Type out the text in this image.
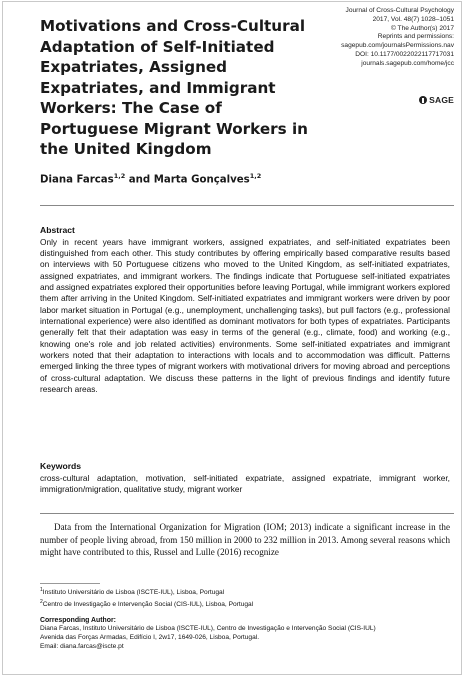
Motivations and Cross-Cultural Adaptation of Self-Initiated Expatriates, Assigned Expatriates, and Immigrant Workers: The Case of Portuguese Migrant Workers in the United Kingdom
Journal of Cross-Cultural Psychology
2017, Vol. 48(7) 1028–1051
© The Author(s) 2017
Reprints and permissions:
sagepub.com/journalsPermissions.nav
DOI: 10.1177/0022022117717031
journals.sagepub.com/home/jcc
SAGE
Diana Farcas$^{1,2}$ and Marta Gonçalves$^{1,2}$
Abstract

Only in recent years have immigrant workers, assigned expatriates, and self-initiated expatriates been distinguished from each other. This study contributes by offering empirically based comparative results based on interviews with 50 Portuguese citizens who moved to the United Kingdom, as self-initiated expatriates, assigned expatriates, and immigrant workers. The findings indicate that Portuguese self-initiated expatriates and assigned expatriates explored their opportunities before leaving Portugal, while immigrant workers explored them after arriving in the United Kingdom. Self-initiated expatriates and immigrant workers were driven by poor labor market situation in Portugal (e.g., unemployment, unchallenging tasks), but pull factors (e.g., professional international experience) were also identified as dominant motivators for both types of expatriates. Participants generally felt that their adaptation was easy in terms of the general (e.g., climate, food) and working (e.g., knowing one's role and job related activities) environments. Some self-initiated expatriates and immigrant workers noted that their adaptation to interactions with locals and to accommodation was difficult. Patterns emerged linking the three types of migrant workers with motivational drivers for moving abroad and perceptions of cross-cultural adaptation. We discuss these patterns in the light of previous findings and identify future research areas.

Keywords

cross-cultural adaptation, motivation, self-initiated expatriate, assigned expatriate, immigrant worker, immigration/migration, qualitative study, migrant worker

Data from the International Organization for Migration (IOM; 2013) indicate a significant increase in the number of people living abroad, from 150 million in 2000 to 232 million in 2013. Among several reasons which might have contributed to this, Russel and Lulle (2016) recognize

$^1$Instituto Universitário de Lisboa (ISCTE-IUL), Lisboa, Portugal
$^2$Centro de Investigação e Intervenção Social (CIS-IUL), Lisboa, Portugal
Corresponding Author:
Diana Farcas, Instituto Universitário de Lisboa (ISCTE-IUL), Centro de Investigação e Intervenção Social (CIS-IUL)
Avenida das Forças Armadas, Edifício I, 2w17, 1649-026, Lisboa, Portugal.
Email: diana.farcas@iscte.pt
